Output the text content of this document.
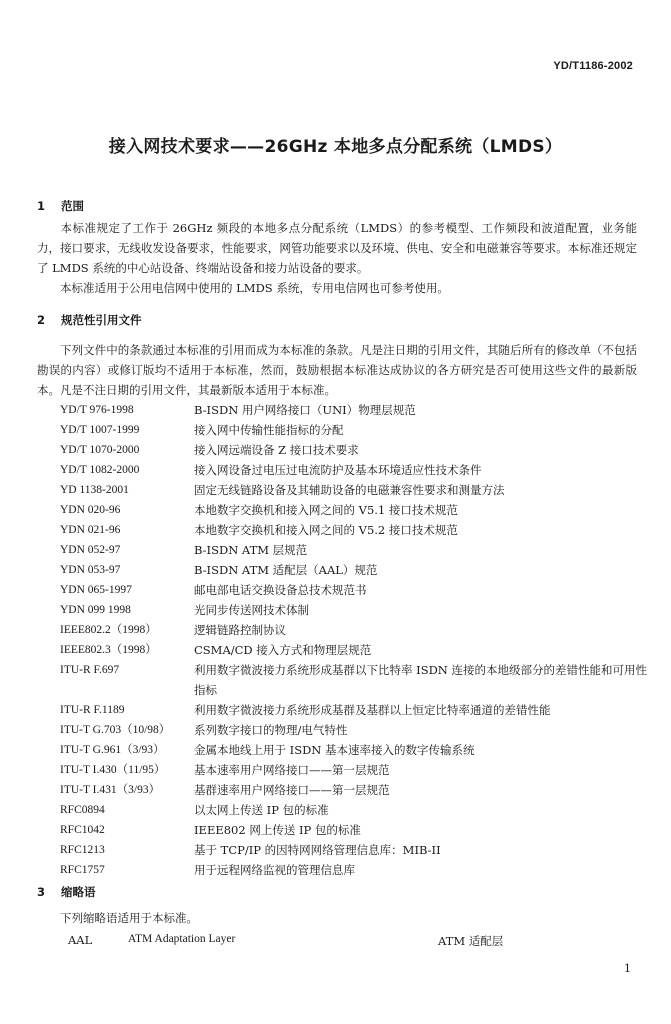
YD/T1186-2002
接入网技术要求——26GHz 本地多点分配系统（LMDS）
1 范围
本标准规定了工作于 26GHz 频段的本地多点分配系统（LMDS）的参考模型、工作频段和波道配置，业务能力，接口要求，无线收发设备要求，性能要求，网管功能要求以及环境、供电、安全和电磁兼容等要求。本标准还规定了 LMDS 系统的中心站设备、终端站设备和接力站设备的要求。
本标准适用于公用电信网中使用的 LMDS 系统，专用电信网也可参考使用。
2 规范性引用文件
下列文件中的条款通过本标准的引用而成为本标准的条款。凡是注日期的引用文件，其随后所有的修改单（不包括勘误的内容）或修订版均不适用于本标准，然而，鼓励根据本标准达成协议的各方研究是否可使用这些文件的最新版本。凡是不注日期的引用文件，其最新版本适用于本标准。
YD/T 976-1998	B-ISDN 用户网络接口（UNI）物理层规范
YD/T 1007-1999	接入网中传输性能指标的分配
YD/T 1070-2000	接入网远端设备 Z 接口技术要求
YD/T 1082-2000	接入网设备过电压过电流防护及基本环境适应性技术条件
YD 1138-2001	固定无线链路设备及其辅助设备的电磁兼容性要求和测量方法
YDN 020-96	本地数字交换机和接入网之间的 V5.1 接口技术规范
YDN 021-96	本地数字交换机和接入网之间的 V5.2 接口技术规范
YDN 052-97	B-ISDN ATM 层规范
YDN 053-97	B-ISDN ATM 适配层（AAL）规范
YDN 065-1997	邮电部电话交换设备总技术规范书
YDN 099 1998	光同步传送网技术体制
IEEE802.2（1998）	逻辑链路控制协议
IEEE802.3（1998）	CSMA/CD 接入方式和物理层规范
ITU-R F.697	利用数字微波接力系统形成基群以下比特率 ISDN 连接的本地级部分的差错性能和可用性指标
ITU-R F.1189	利用数字微波接力系统形成基群及基群以上恒定比特率通道的差错性能
ITU-T G.703（10/98）	系列数字接口的物理/电气特性
ITU-T G.961（3/93）	金属本地线上用于 ISDN 基本速率接入的数字传输系统
ITU-T I.430（11/95）	基本速率用户网络接口——第一层规范
ITU-T I.431（3/93）	基群速率用户网络接口——第一层规范
RFC0894	以太网上传送 IP 包的标准
RFC1042	IEEE802 网上传送 IP 包的标准
RFC1213	基于 TCP/IP 的因特网网络管理信息库：MIB-II
RFC1757	用于远程网络监视的管理信息库
3 缩略语
下列缩略语适用于本标准。
AAL	ATM Adaptation Layer	ATM 适配层
1
